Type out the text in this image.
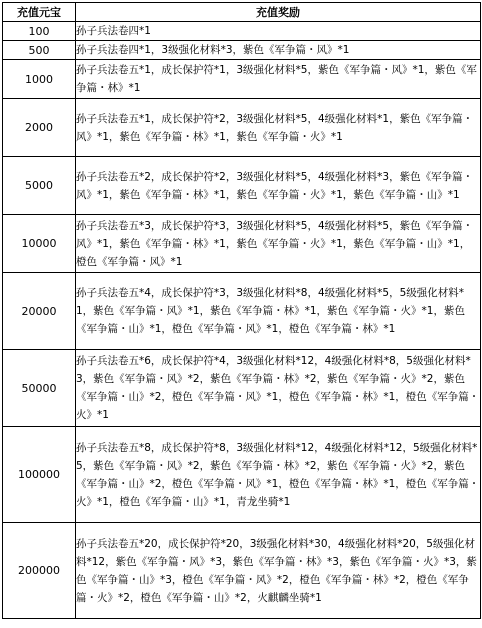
充值元宝	充值奖励
100	孙子兵法卷四*1
500	孙子兵法卷四*1，3级强化材料*3，紫色《军争篇・风》*1
1000	孙子兵法卷五*1，成长保护符*1，3级强化材料*5，紫色《军争篇・风》*1，紫色《军争篇・林》*1
2000	孙子兵法卷五*1，成长保护符*2，3级强化材料*5，4级强化材料*1，紫色《军争篇・风》*1，紫色《军争篇・林》*1，紫色《军争篇・火》*1
5000	孙子兵法卷五*2，成长保护符*2，3级强化材料*5，4级强化材料*3，紫色《军争篇・风》*1，紫色《军争篇・林》*1，紫色《军争篇・火》*1，紫色《军争篇・山》*1
10000	孙子兵法卷五*3，成长保护符*3，3级强化材料*5，4级强化材料*5，紫色《军争篇・风》*1，紫色《军争篇・林》*1，紫色《军争篇・火》*1，紫色《军争篇・山》*1，橙色《军争篇・风》*1
20000	孙子兵法卷五*4，成长保护符*3，3级强化材料*8，4级强化材料*5，5级强化材料*1，紫色《军争篇・风》*1，紫色《军争篇・林》*1，紫色《军争篇・火》*1，紫色《军争篇・山》*1，橙色《军争篇・风》*1，橙色《军争篇・林》*1
50000	孙子兵法卷五*6，成长保护符*4，3级强化材料*12，4级强化材料*8，5级强化材料*3，紫色《军争篇・风》*2，紫色《军争篇・林》*2，紫色《军争篇・火》*2，紫色《军争篇・山》*2，橙色《军争篇・风》*1，橙色《军争篇・林》*1，橙色《军争篇・火》*1
100000	孙子兵法卷五*8，成长保护符*8，3级强化材料*12，4级强化材料*12，5级强化材料*5，紫色《军争篇・风》*2，紫色《军争篇・林》*2，紫色《军争篇・火》*2，紫色《军争篇・山》*2，橙色《军争篇・风》*1，橙色《军争篇・林》*1，橙色《军争篇・火》*1，橙色《军争篇・山》*1，青龙坐骑*1
200000	孙子兵法卷五*20，成长保护符*20，3级强化材料*30，4级强化材料*20，5级强化材料*12，紫色《军争篇・风》*3，紫色《军争篇・林》*3，紫色《军争篇・火》*3，紫色《军争篇・山》*3，橙色《军争篇・风》*2，橙色《军争篇・林》*2，橙色《军争篇・火》*2，橙色《军争篇・山》*2，火麒麟坐骑*1
